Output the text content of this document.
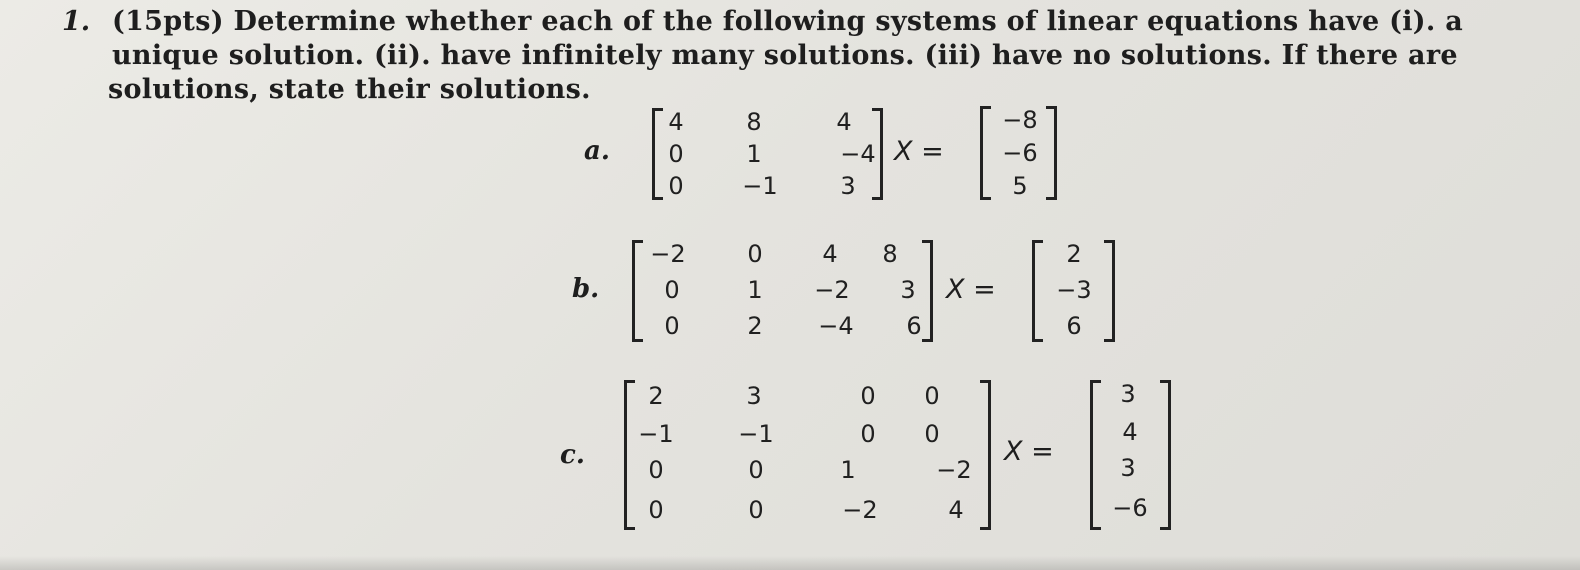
1. (15pts) Determine whether each of the following systems of linear equations have (i). a
unique solution. (ii). have infinitely many solutions. (iii) have no solutions. If there are
solutions, state their solutions.
a.
4	8	4
0	1	−4
0	−1	3
X =
−8
−6
5
b.
−2	0	4	8
0	1	−2	3
0	2	−4	6
X =
2
−3
6
c.
2	3	0	0
−1	−1	0	0
0	0	1	−2
0	0	−2	4
X =
3
4
3
−6
